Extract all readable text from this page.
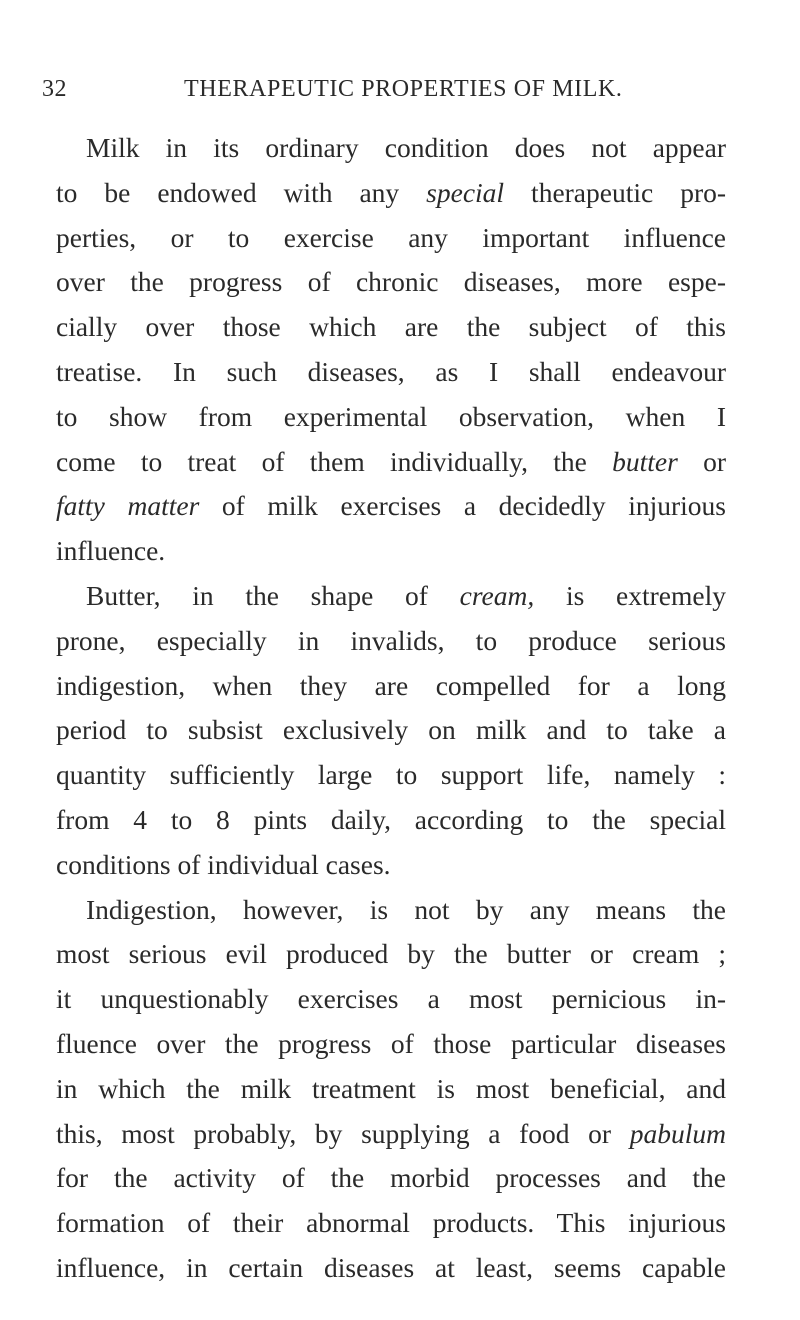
32	THERAPEUTIC PROPERTIES OF MILK.
Milk in its ordinary condition does not appear
to be endowed with any special therapeutic pro-
perties, or to exercise any important influence
over the progress of chronic diseases, more espe-
cially over those which are the subject of this
treatise. In such diseases, as I shall endeavour
to show from experimental observation, when I
come to treat of them individually, the butter or
fatty matter of milk exercises a decidedly injurious
influence.
Butter, in the shape of cream, is extremely
prone, especially in invalids, to produce serious
indigestion, when they are compelled for a long
period to subsist exclusively on milk and to take a
quantity sufficiently large to support life, namely :
from 4 to 8 pints daily, according to the special
conditions of individual cases.
Indigestion, however, is not by any means the
most serious evil produced by the butter or cream ;
it unquestionably exercises a most pernicious in-
fluence over the progress of those particular diseases
in which the milk treatment is most beneficial, and
this, most probably, by supplying a food or pabulum
for the activity of the morbid processes and the
formation of their abnormal products. This injurious
influence, in certain diseases at least, seems capable
